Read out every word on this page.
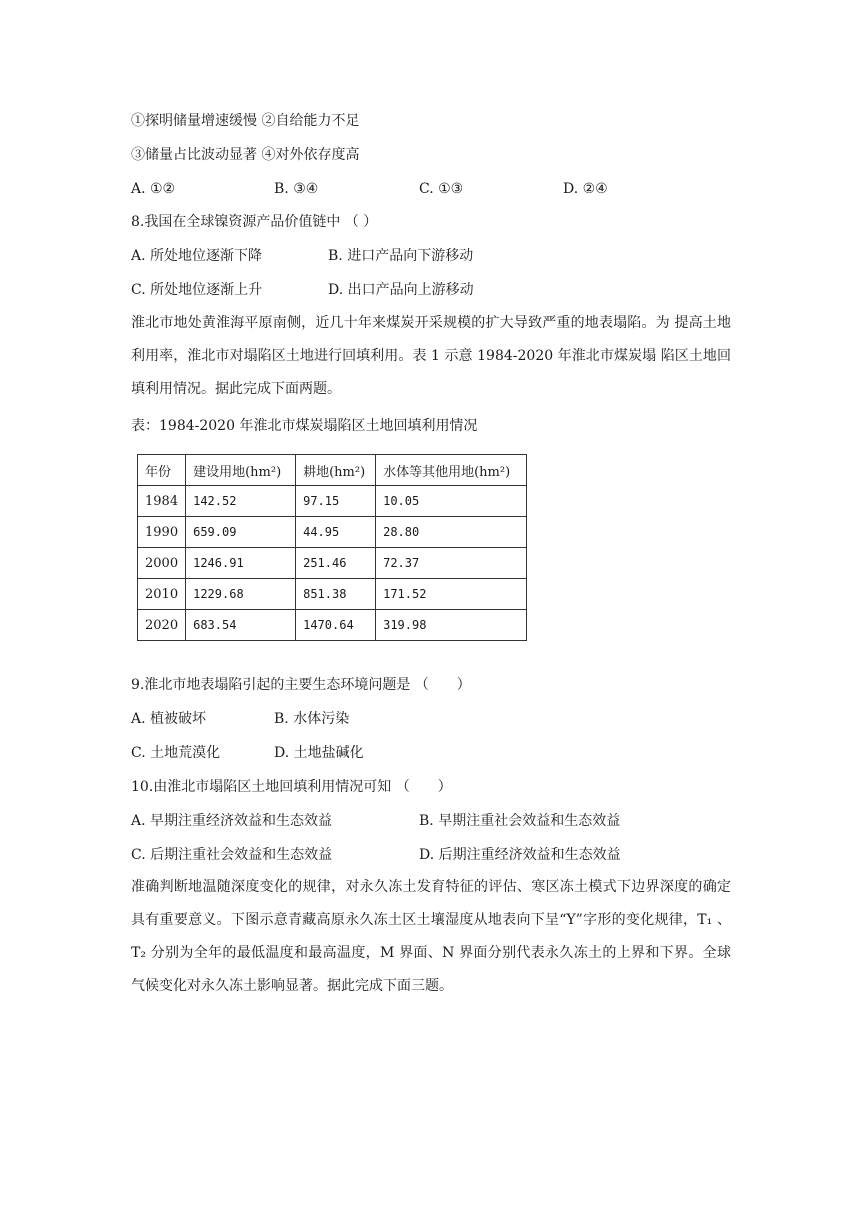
①探明储量增速缓慢 ②自给能力不足
③储量占比波动显著 ④对外依存度高
A. ①②	B. ③④	C. ①③	D. ②④
8.我国在全球镍资源产品价值链中 （ ）
A. 所处地位逐渐下降	B. 进口产品向下游移动
C. 所处地位逐渐上升	D. 出口产品向上游移动
淮北市地处黄淮海平原南侧，近几十年来煤炭开采规模的扩大导致严重的地表塌陷。为 提高土地利用率，淮北市对塌陷区土地进行回填利用。表 1 示意 1984-2020 年淮北市煤炭塌 陷区土地回填利用情况。据此完成下面两题。
表：1984-2020 年淮北市煤炭塌陷区土地回填利用情况
年份	建设用地(hm²)	耕地(hm²)	水体等其他用地(hm²)
1984	142.52	97.15	10.05
1990	659.09	44.95	28.80
2000	1246.91	251.46	72.37
2010	1229.68	851.38	171.52
2020	683.54	1470.64	319.98
9.淮北市地表塌陷引起的主要生态环境问题是 （　　）
A. 植被破坏	B. 水体污染
C. 土地荒漠化	D. 土地盐碱化
10.由淮北市塌陷区土地回填利用情况可知 （　　）
A. 早期注重经济效益和生态效益	B. 早期注重社会效益和生态效益
C. 后期注重社会效益和生态效益	D. 后期注重经济效益和生态效益
准确判断地温随深度变化的规律，对永久冻土发育特征的评估、寒区冻土模式下边界深度的确定具有重要意义。下图示意青藏高原永久冻土区土壤湿度从地表向下呈“Y”字形的变化规律，T₁ 、T₂ 分别为全年的最低温度和最高温度，M 界面、N 界面分别代表永久冻土的上界和下界。全球气候变化对永久冻土影响显著。据此完成下面三题。
